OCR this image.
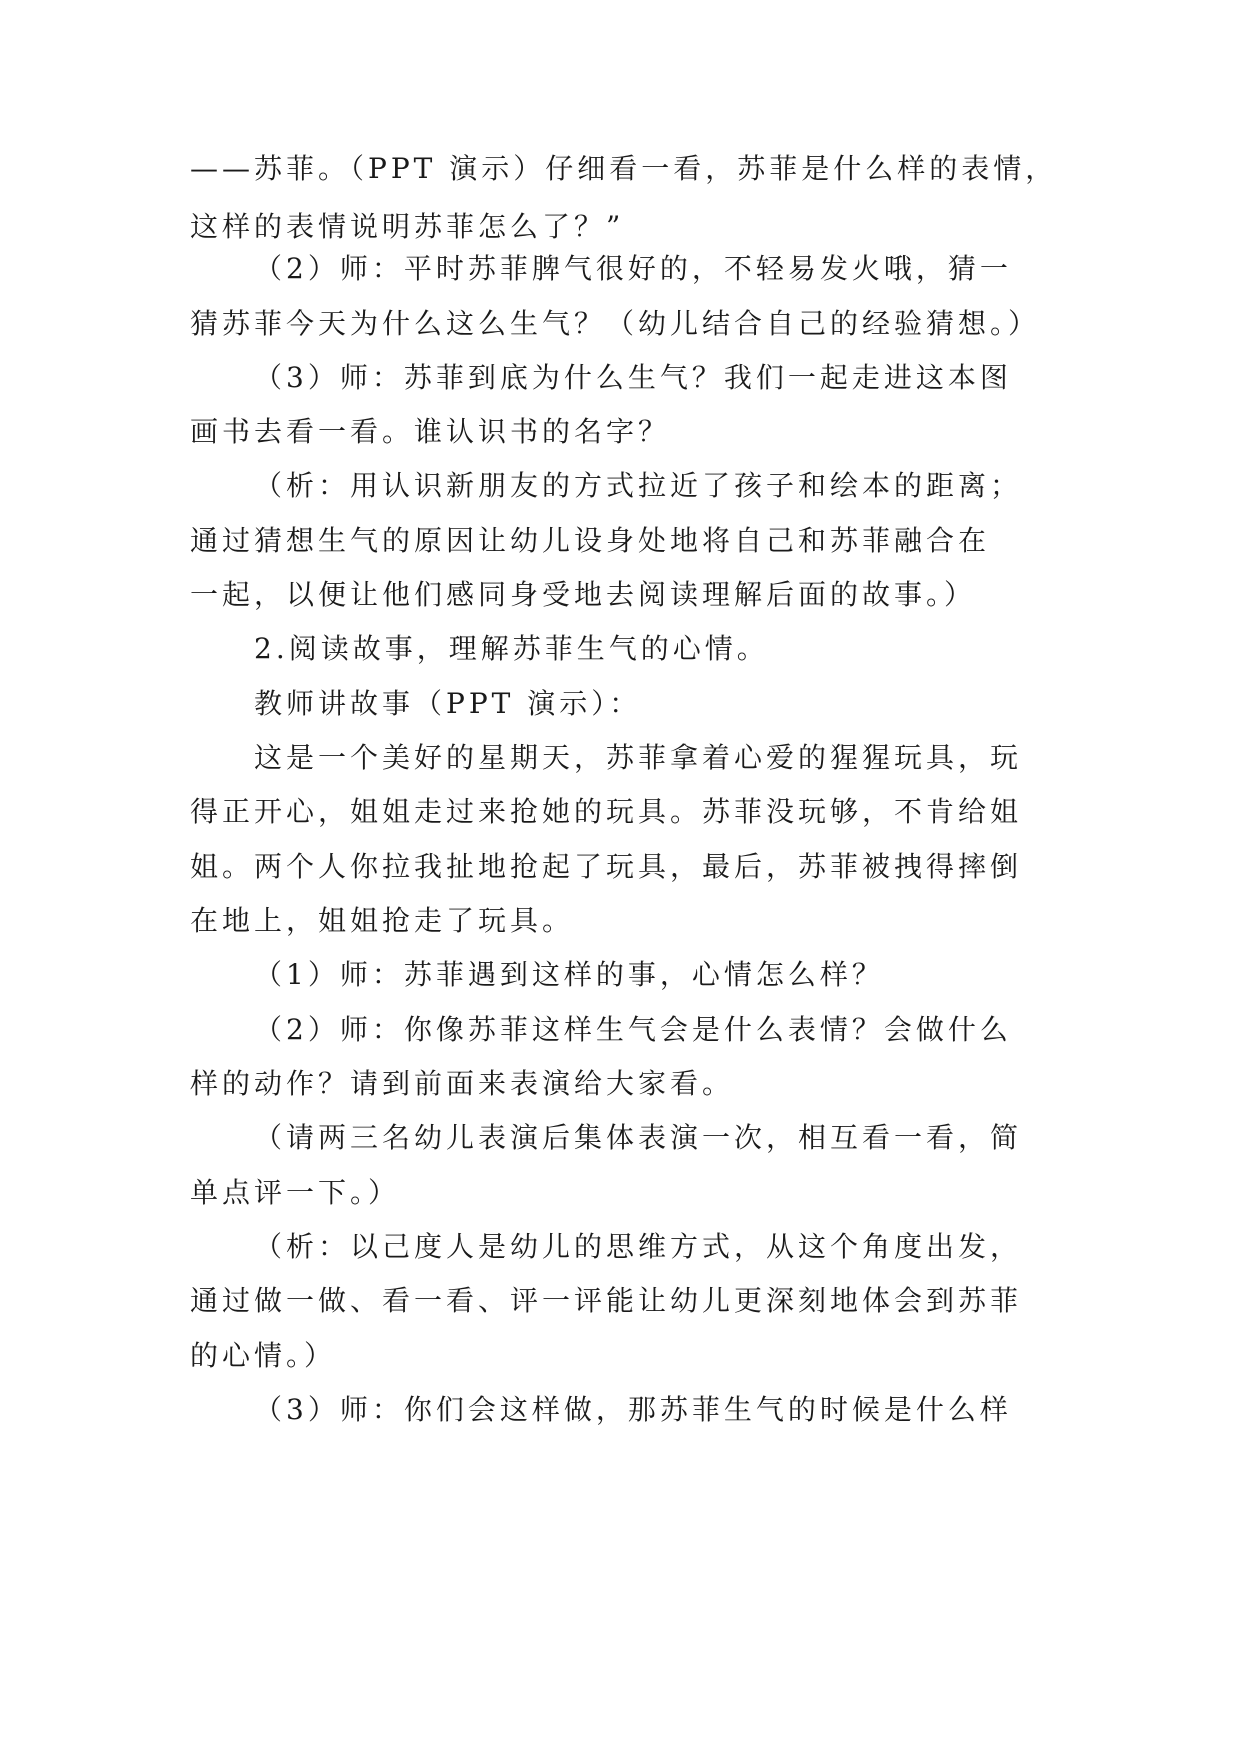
——苏菲。（PPT 演示）仔细看一看，苏菲是什么样的表情，
这样的表情说明苏菲怎么了？”
（2）师：平时苏菲脾气很好的，不轻易发火哦，猜一
猜苏菲今天为什么这么生气？（幼儿结合自己的经验猜想。）
（3）师：苏菲到底为什么生气？我们一起走进这本图
画书去看一看。谁认识书的名字？
（析：用认识新朋友的方式拉近了孩子和绘本的距离；
通过猜想生气的原因让幼儿设身处地将自己和苏菲融合在
一起，以便让他们感同身受地去阅读理解后面的故事。）
2.阅读故事，理解苏菲生气的心情。
教师讲故事（PPT 演示）：
这是一个美好的星期天，苏菲拿着心爱的猩猩玩具，玩
得正开心，姐姐走过来抢她的玩具。苏菲没玩够，不肯给姐
姐。两个人你拉我扯地抢起了玩具，最后，苏菲被拽得摔倒
在地上，姐姐抢走了玩具。
（1）师：苏菲遇到这样的事，心情怎么样？
（2）师：你像苏菲这样生气会是什么表情？会做什么
样的动作？请到前面来表演给大家看。
（请两三名幼儿表演后集体表演一次，相互看一看，简
单点评一下。）
（析：以己度人是幼儿的思维方式，从这个角度出发，
通过做一做、看一看、评一评能让幼儿更深刻地体会到苏菲
的心情。）
（3）师：你们会这样做，那苏菲生气的时候是什么样
